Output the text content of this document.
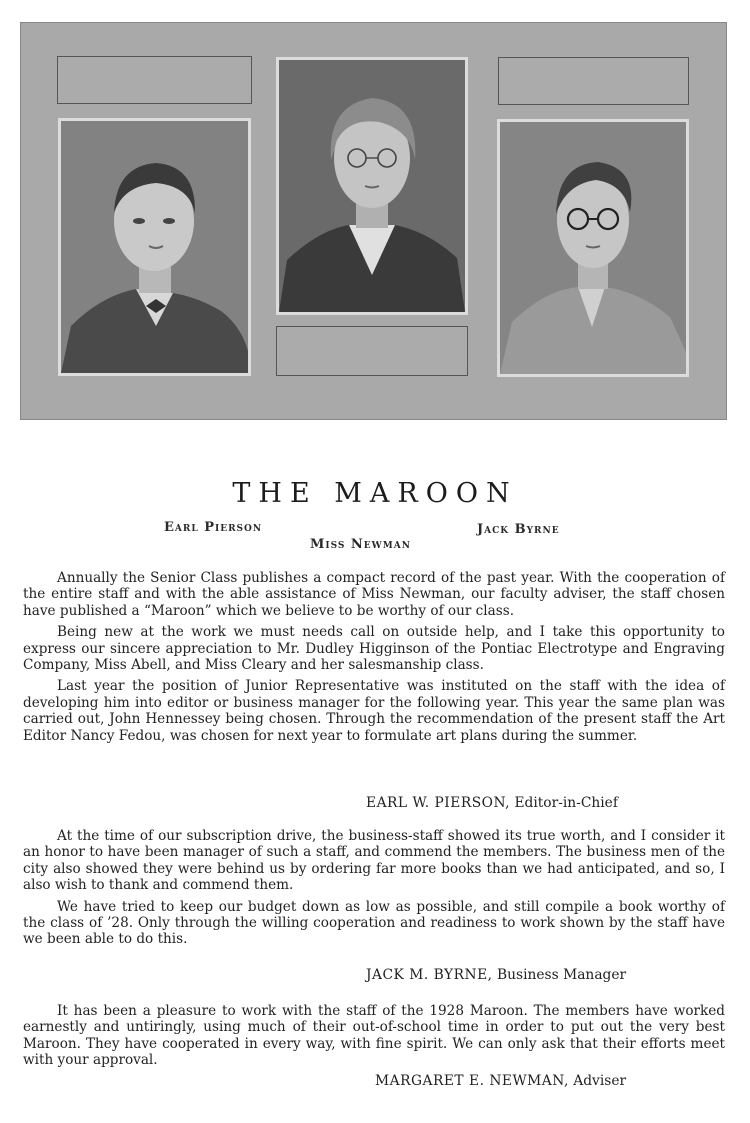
THE MAROON
Earl Pierson
Miss Newman
Jack Byrne

Annually the Senior Class publishes a compact record of the past year. With the cooperation of the entire staff and with the able assistance of Miss Newman, our faculty adviser, the staff chosen have published a “Maroon” which we believe to be worthy of our class.

Being new at the work we must needs call on outside help, and I take this opportunity to express our sincere appreciation to Mr. Dudley Higginson of the Pontiac Electrotype and Engraving Company, Miss Abell, and Miss Cleary and her salesmanship class.

Last year the position of Junior Representative was instituted on the staff with the idea of developing him into editor or business manager for the following year. This year the same plan was carried out, John Hennessey being chosen. Through the recommendation of the present staff the Art Editor Nancy Fedou, was chosen for next year to formulate art plans during the summer.

EARL W. PIERSON, Editor-in-Chief

At the time of our subscription drive, the business-staff showed its true worth, and I consider it an honor to have been manager of such a staff, and commend the members. The business men of the city also showed they were behind us by ordering far more books than we had anticipated, and so, I also wish to thank and commend them.

We have tried to keep our budget down as low as possible, and still compile a book worthy of the class of ’28. Only through the willing cooperation and readiness to work shown by the staff have we been able to do this.

JACK M. BYRNE, Business Manager

It has been a pleasure to work with the staff of the 1928 Maroon. The members have worked earnestly and untiringly, using much of their out-of-school time in order to put out the very best Maroon. They have cooperated in every way, with fine spirit. We can only ask that their efforts meet with your approval.

MARGARET E. NEWMAN, Adviser
